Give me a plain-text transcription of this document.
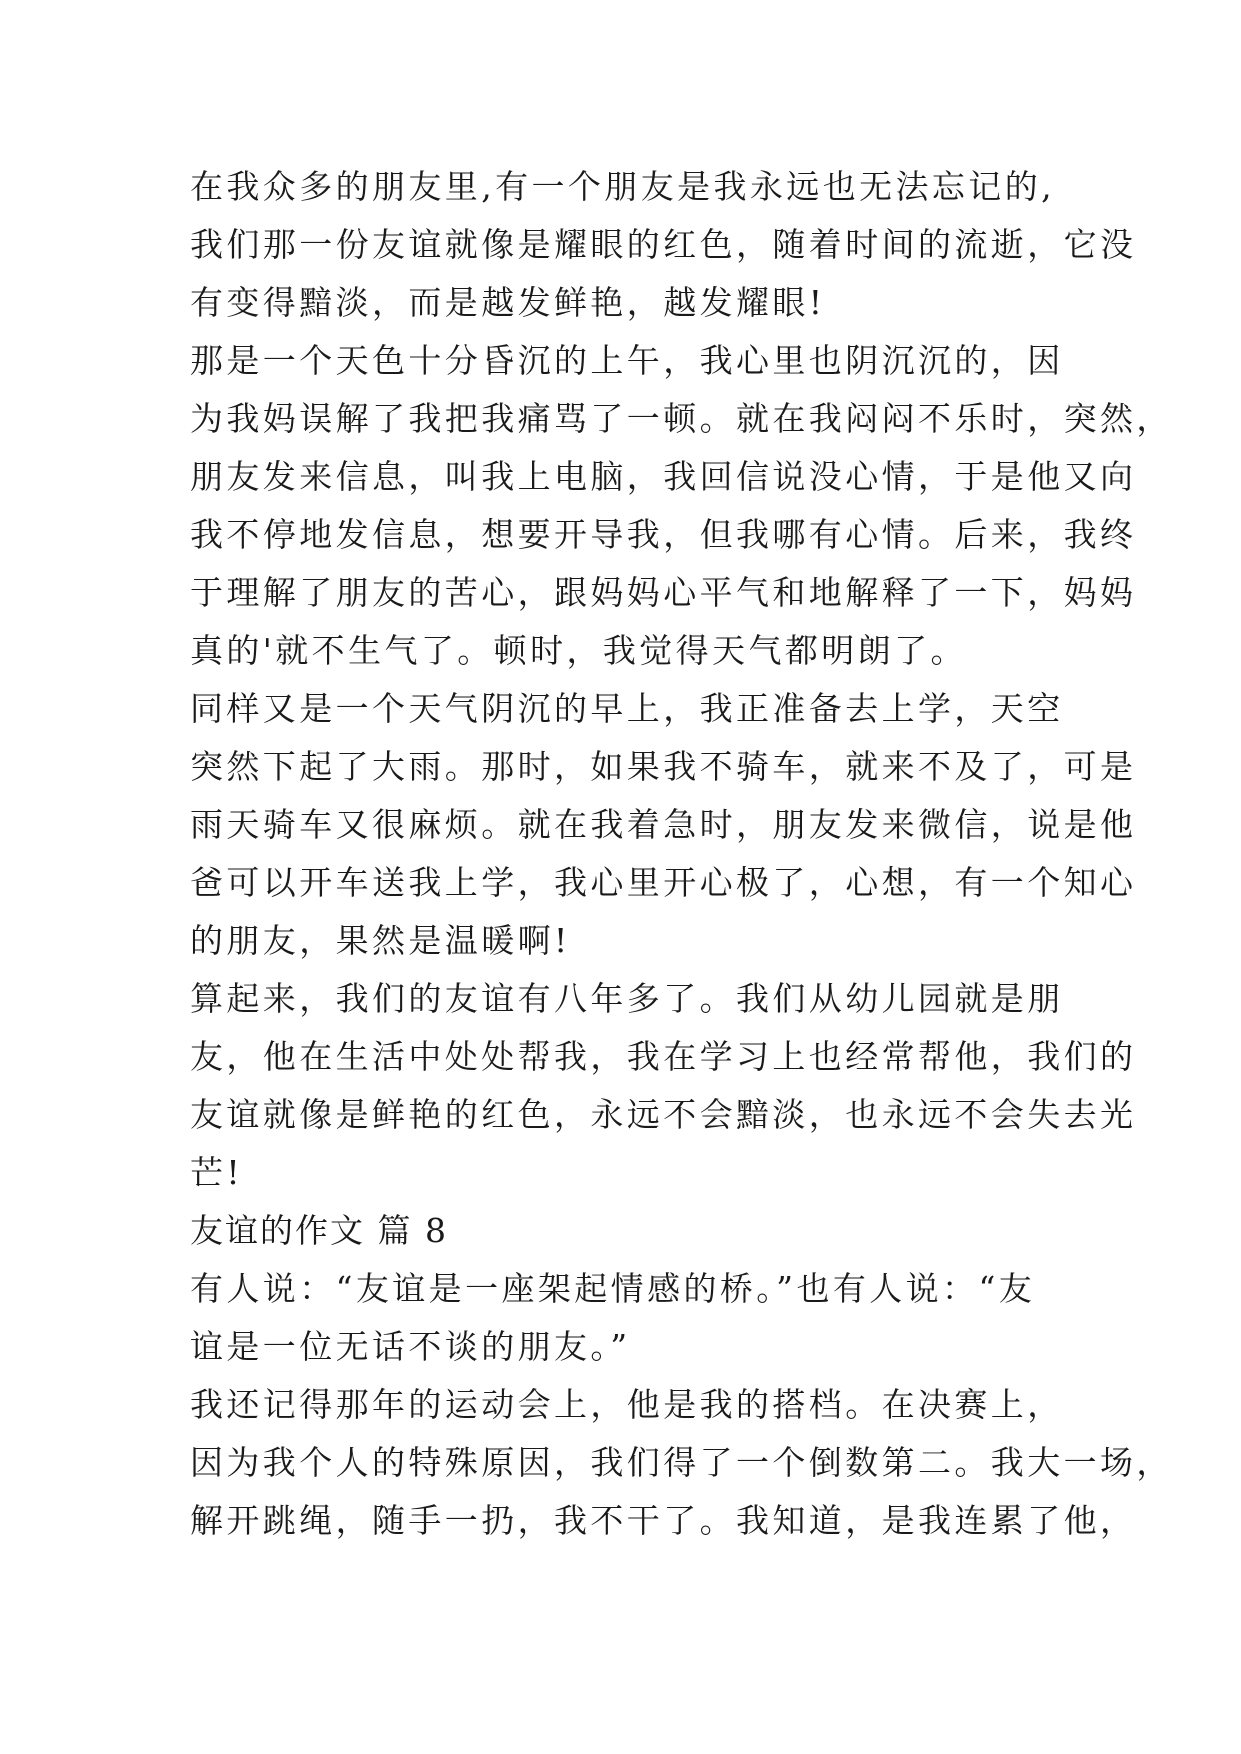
在我众多的朋友里,有一个朋友是我永远也无法忘记的,
我们那一份友谊就像是耀眼的红色，随着时间的流逝，它没
有变得黯淡，而是越发鲜艳，越发耀眼!
那是一个天色十分昏沉的上午，我心里也阴沉沉的，因
为我妈误解了我把我痛骂了一顿。就在我闷闷不乐时，突然，
朋友发来信息，叫我上电脑，我回信说没心情，于是他又向
我不停地发信息，想要开导我，但我哪有心情。后来，我终
于理解了朋友的苦心，跟妈妈心平气和地解释了一下，妈妈
真的'就不生气了。顿时，我觉得天气都明朗了。
同样又是一个天气阴沉的早上，我正准备去上学，天空
突然下起了大雨。那时，如果我不骑车，就来不及了，可是
雨天骑车又很麻烦。就在我着急时，朋友发来微信，说是他
爸可以开车送我上学，我心里开心极了，心想，有一个知心
的朋友，果然是温暖啊!
算起来，我们的友谊有八年多了。我们从幼儿园就是朋
友，他在生活中处处帮我，我在学习上也经常帮他，我们的
友谊就像是鲜艳的红色，永远不会黯淡，也永远不会失去光
芒!
友谊的作文 篇 8
有人说：“友谊是一座架起情感的桥。”也有人说：“友
谊是一位无话不谈的朋友。”
我还记得那年的运动会上，他是我的搭档。在决赛上，
因为我个人的特殊原因，我们得了一个倒数第二。我大一场，
解开跳绳，随手一扔，我不干了。我知道，是我连累了他，
